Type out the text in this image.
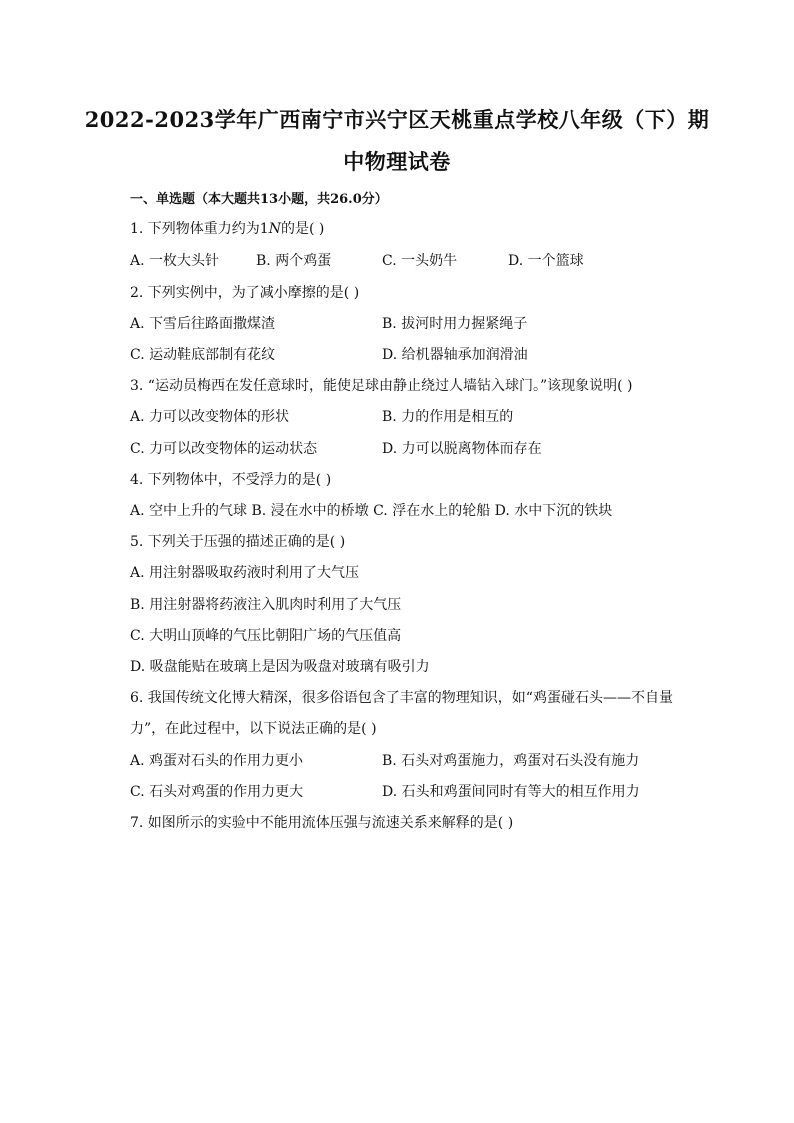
2022-2023学年广西南宁市兴宁区天桃重点学校八年级（下）期
中物理试卷
一、单选题（本大题共13小题，共26.0分）
1. 下列物体重力约为1N的是( )
A. 一枚大头针	B. 两个鸡蛋	C. 一头奶牛	D. 一个篮球
2. 下列实例中，为了减小摩擦的是( )
A. 下雪后往路面撒煤渣	B. 拔河时用力握紧绳子
C. 运动鞋底部制有花纹	D. 给机器轴承加润滑油
3. “运动员梅西在发任意球时，能使足球由静止绕过人墙钻入球门。”该现象说明( )
A. 力可以改变物体的形状	B. 力的作用是相互的
C. 力可以改变物体的运动状态	D. 力可以脱离物体而存在
4. 下列物体中，不受浮力的是( )
A. 空中上升的气球 B. 浸在水中的桥墩 C. 浮在水上的轮船 D. 水中下沉的铁块
5. 下列关于压强的描述正确的是( )
A. 用注射器吸取药液时利用了大气压
B. 用注射器将药液注入肌肉时利用了大气压
C. 大明山顶峰的气压比朝阳广场的气压值高
D. 吸盘能贴在玻璃上是因为吸盘对玻璃有吸引力
6. 我国传统文化博大精深，很多俗语包含了丰富的物理知识，如“鸡蛋碰石头——不自量
力”，在此过程中，以下说法正确的是( )
A. 鸡蛋对石头的作用力更小	B. 石头对鸡蛋施力，鸡蛋对石头没有施力
C. 石头对鸡蛋的作用力更大	D. 石头和鸡蛋间同时有等大的相互作用力
7. 如图所示的实验中不能用流体压强与流速关系来解释的是( )
